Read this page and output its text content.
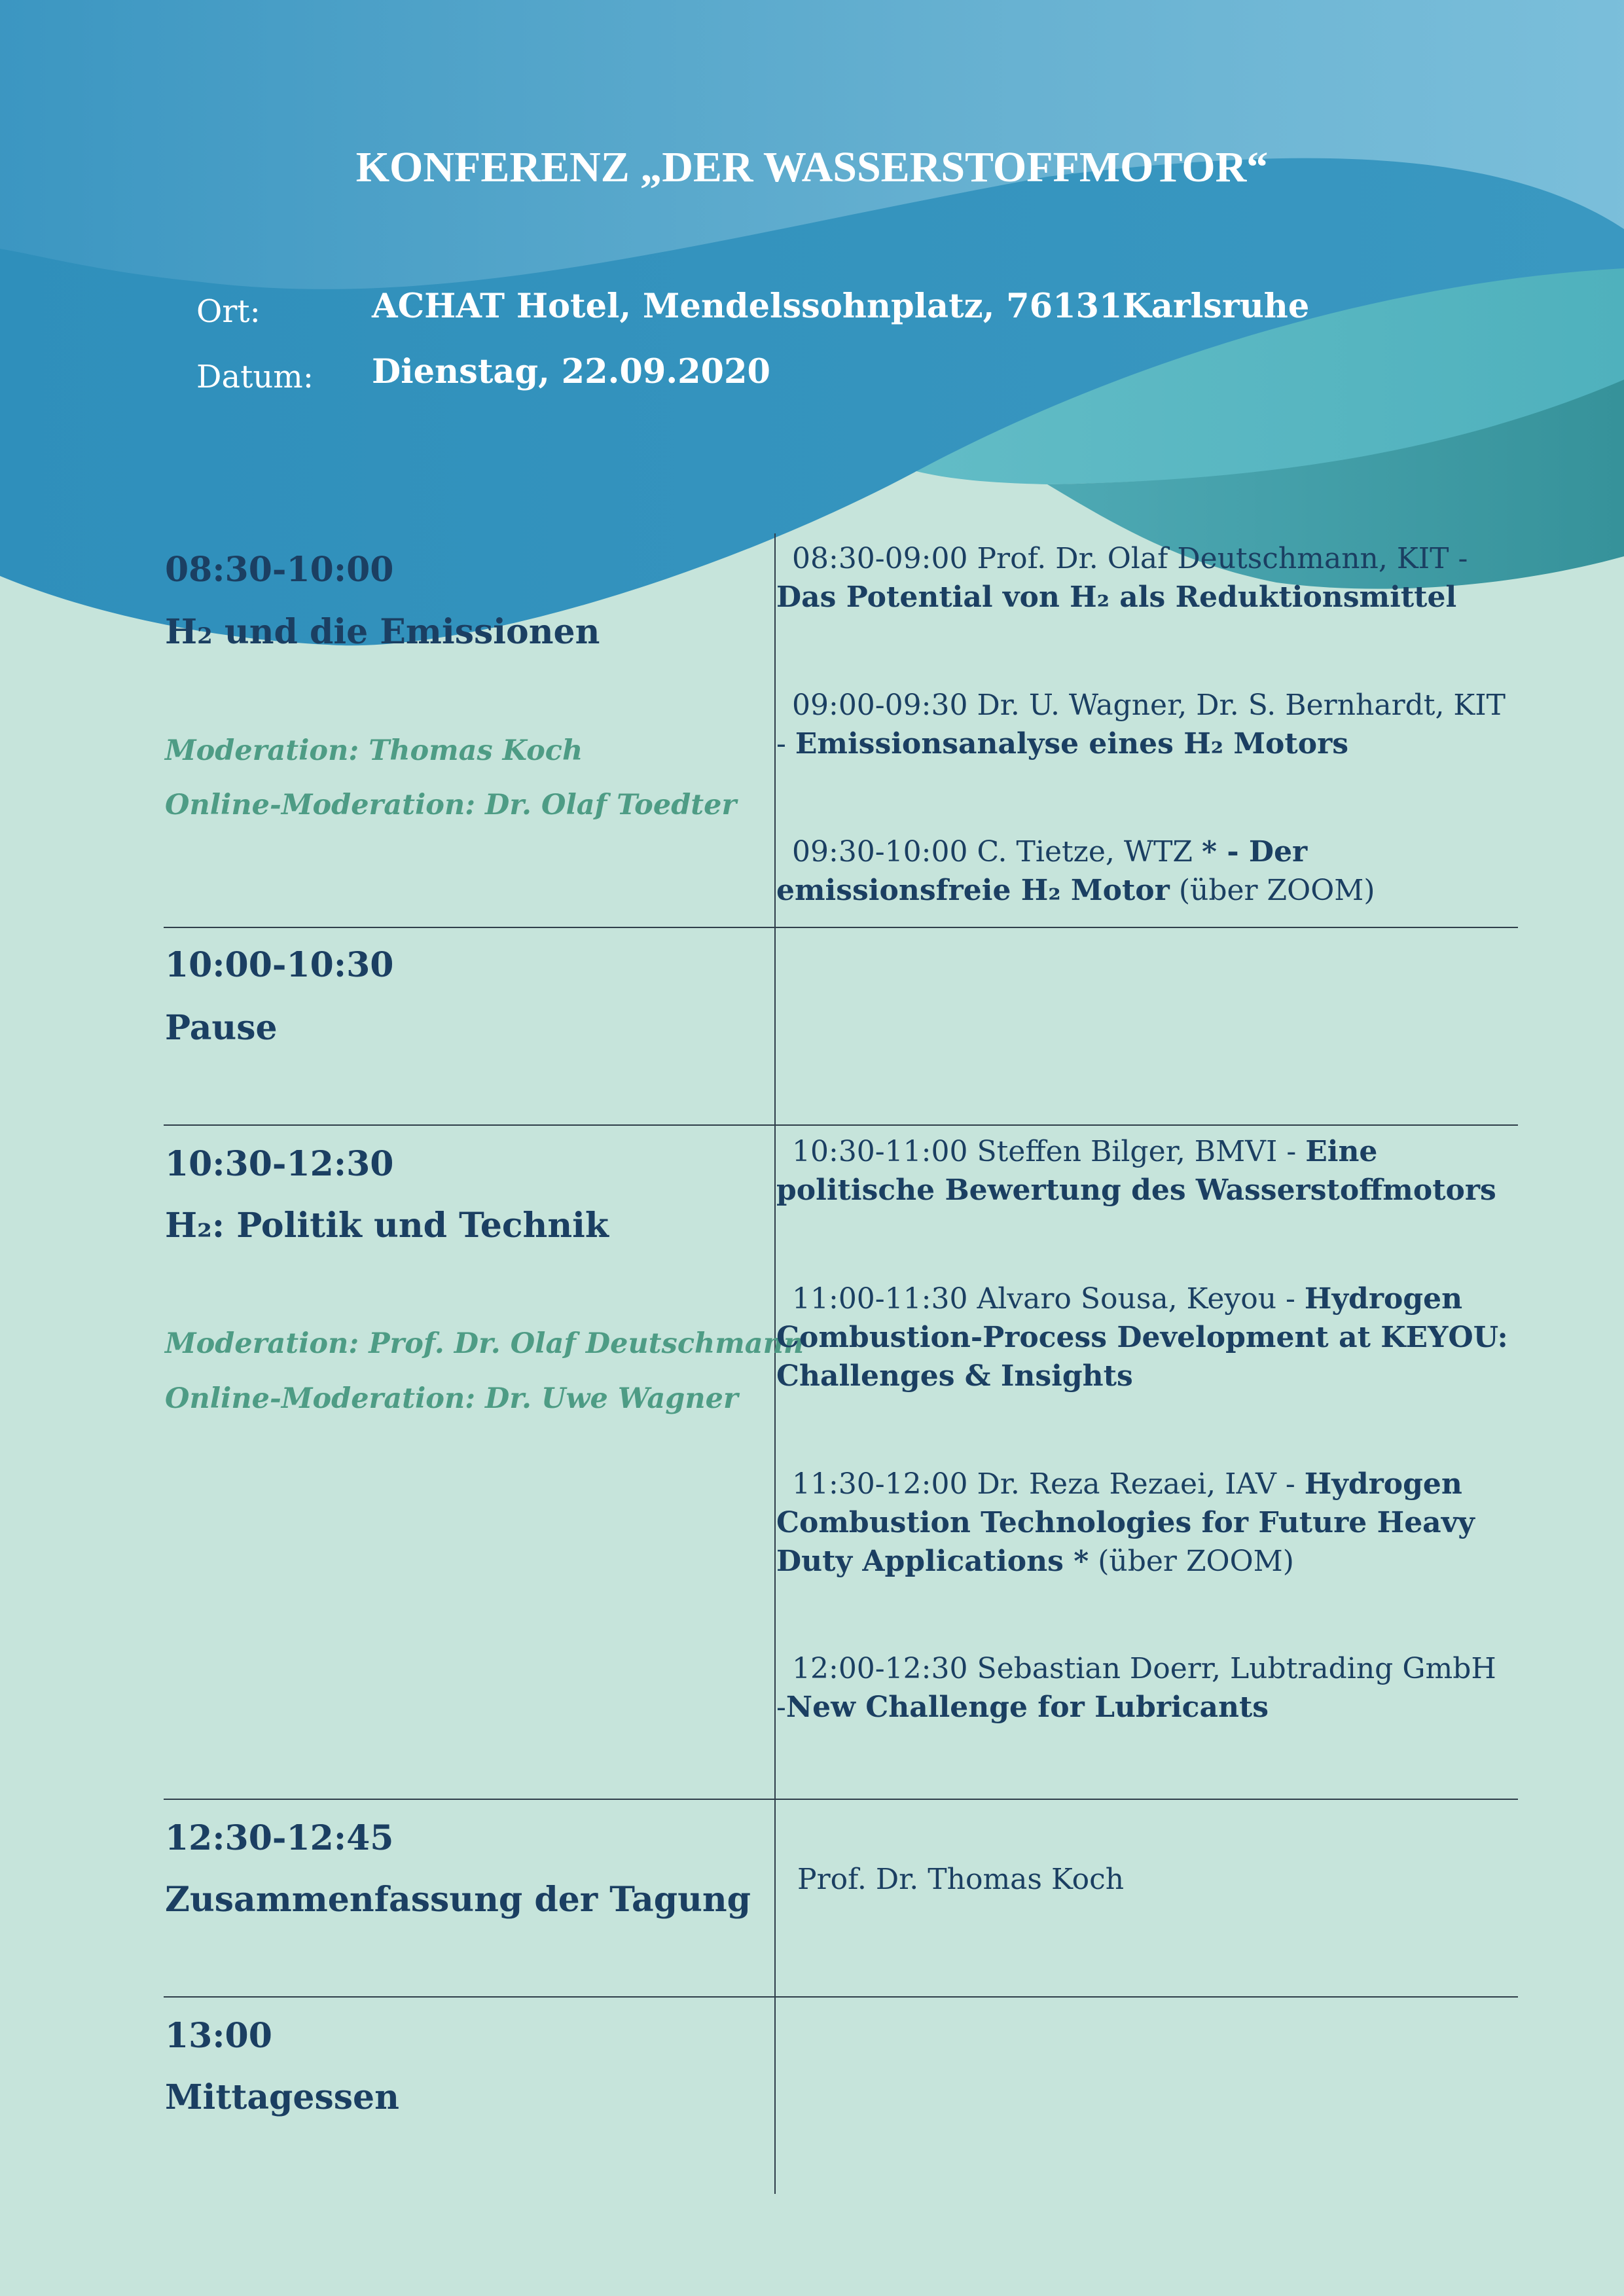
KONFERENZ „DER WASSERSTOFFMOTOR“
Ort:	ACHAT Hotel, Mendelssohnplatz, 76131Karlsruhe
Datum: Dienstag, 22.09.2020
08:30-10:00
H2 und die Emissionen
Moderation: Thomas Koch
Online-Moderation: Dr. Olaf Toedter
08:30-09:00 Prof. Dr. Olaf Deutschmann, KIT - Das Potential von H₂ als Reduktionsmittel
09:00-09:30 Dr. U. Wagner, Dr. S. Bernhardt, KIT - Emissionsanalyse eines H₂ Motors
09:30-10:00 C. Tietze, WTZ * - Der emissionsfreie H₂ Motor (über ZOOM)
10:00-10:30
Pause
10:30-12:30
H₂: Politik und Technik
Moderation: Prof. Dr. Olaf Deutschmann
Online-Moderation: Dr. Uwe Wagner
10:30-11:00 Steffen Bilger, BMVI - Eine politische Bewertung des Wasserstoffmotors
11:00-11:30 Alvaro Sousa, Keyou - Hydrogen Combustion-Process Development at KEYOU: Challenges & Insights
11:30-12:00 Dr. Reza Rezaei, IAV - Hydrogen Combustion Technologies for Future Heavy Duty Applications * (über ZOOM)
12:00-12:30 Sebastian Doerr, Lubtrading GmbH -New Challenge for Lubricants
12:30-12:45
Zusammenfassung der Tagung
Prof. Dr. Thomas Koch
13:00
Mittagessen
